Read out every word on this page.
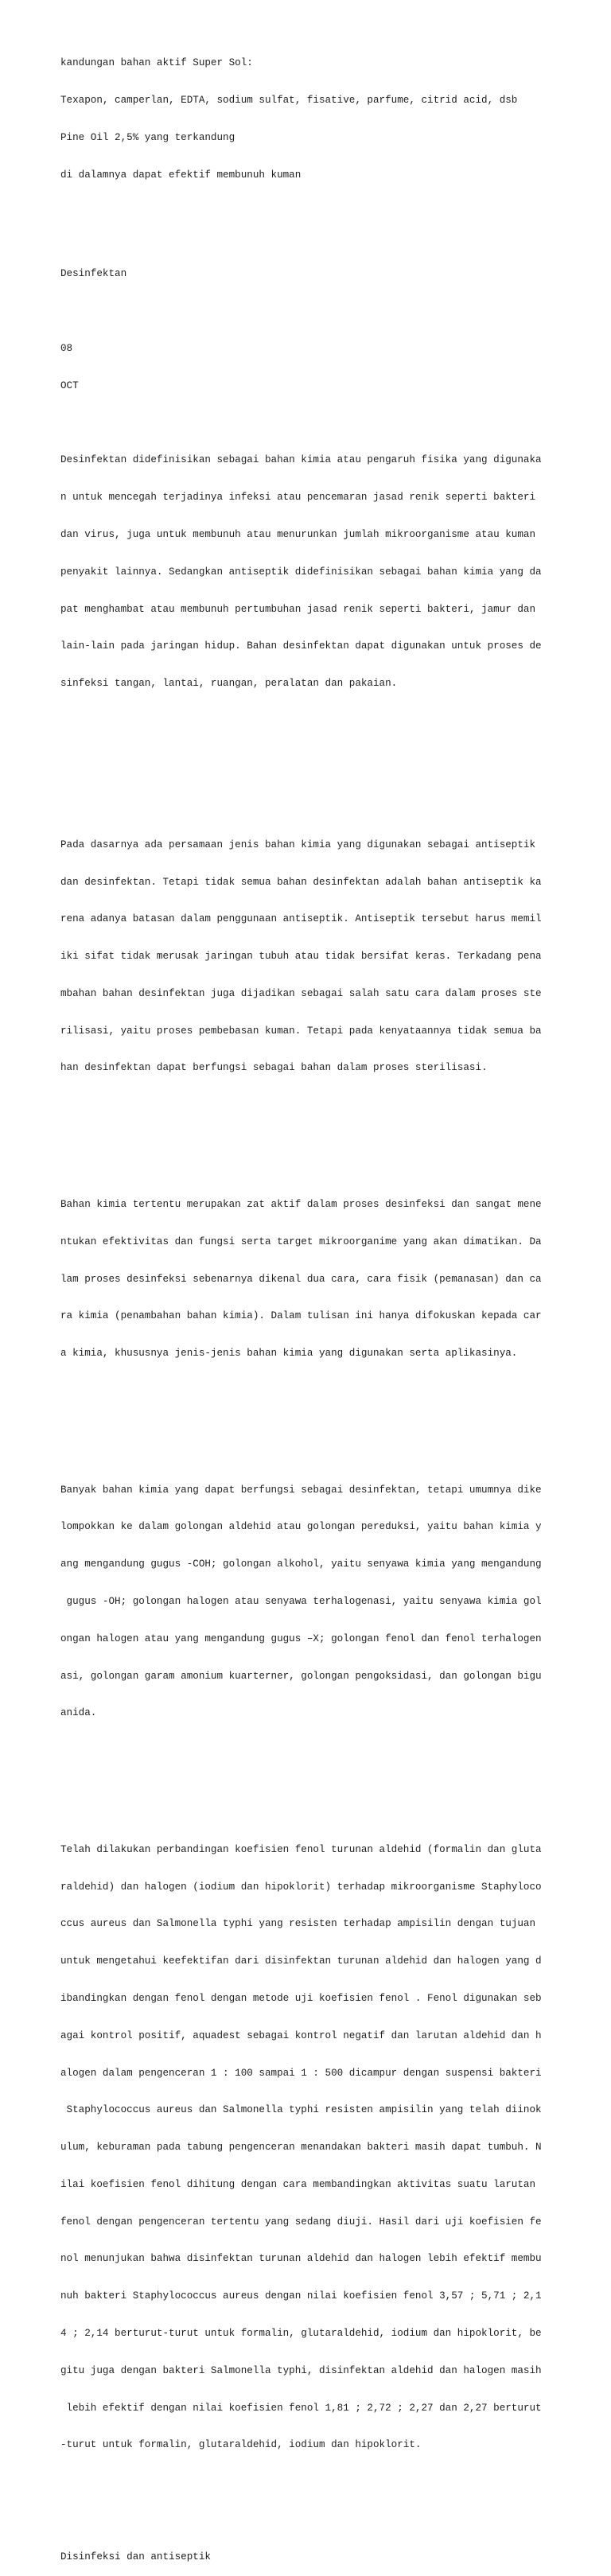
kandungan bahan aktif Super Sol:

Texapon, camperlan, EDTA, sodium sulfat, fisative, parfume, citrid acid, dsb

Pine Oil 2,5% yang terkandung

di dalamnya dapat efektif membunuh kuman

Desinfektan

08

OCT

Desinfektan didefinisikan sebagai bahan kimia atau pengaruh fisika yang digunaka

n untuk mencegah terjadinya infeksi atau pencemaran jasad renik seperti bakteri

dan virus, juga untuk membunuh atau menurunkan jumlah mikroorganisme atau kuman

penyakit lainnya. Sedangkan antiseptik didefinisikan sebagai bahan kimia yang da

pat menghambat atau membunuh pertumbuhan jasad renik seperti bakteri, jamur dan

lain-lain pada jaringan hidup. Bahan desinfektan dapat digunakan untuk proses de

sinfeksi tangan, lantai, ruangan, peralatan dan pakaian.

Pada dasarnya ada persamaan jenis bahan kimia yang digunakan sebagai antiseptik

dan desinfektan. Tetapi tidak semua bahan desinfektan adalah bahan antiseptik ka

rena adanya batasan dalam penggunaan antiseptik. Antiseptik tersebut harus memil

iki sifat tidak merusak jaringan tubuh atau tidak bersifat keras. Terkadang pena

mbahan bahan desinfektan juga dijadikan sebagai salah satu cara dalam proses ste

rilisasi, yaitu proses pembebasan kuman. Tetapi pada kenyataannya tidak semua ba

han desinfektan dapat berfungsi sebagai bahan dalam proses sterilisasi.

Bahan kimia tertentu merupakan zat aktif dalam proses desinfeksi dan sangat mene

ntukan efektivitas dan fungsi serta target mikroorganime yang akan dimatikan. Da

lam proses desinfeksi sebenarnya dikenal dua cara, cara fisik (pemanasan) dan ca

ra kimia (penambahan bahan kimia). Dalam tulisan ini hanya difokuskan kepada car

a kimia, khususnya jenis-jenis bahan kimia yang digunakan serta aplikasinya.

Banyak bahan kimia yang dapat berfungsi sebagai desinfektan, tetapi umumnya dike

lompokkan ke dalam golongan aldehid atau golongan pereduksi, yaitu bahan kimia y

ang mengandung gugus -COH; golongan alkohol, yaitu senyawa kimia yang mengandung

gugus -OH; golongan halogen atau senyawa terhalogenasi, yaitu senyawa kimia gol

ongan halogen atau yang mengandung gugus –X; golongan fenol dan fenol terhalogen

asi, golongan garam amonium kuarterner, golongan pengoksidasi, dan golongan bigu

anida.

Telah dilakukan perbandingan koefisien fenol turunan aldehid (formalin dan gluta

raldehid) dan halogen (iodium dan hipoklorit) terhadap mikroorganisme Staphyloco

ccus aureus dan Salmonella typhi yang resisten terhadap ampisilin dengan tujuan

untuk mengetahui keefektifan dari disinfektan turunan aldehid dan halogen yang d

ibandingkan dengan fenol dengan metode uji koefisien fenol . Fenol digunakan seb

agai kontrol positif, aquadest sebagai kontrol negatif dan larutan aldehid dan h

alogen dalam pengenceran 1 : 100 sampai 1 : 500 dicampur dengan suspensi bakteri

Staphylococcus aureus dan Salmonella typhi resisten ampisilin yang telah diinok

ulum, keburaman pada tabung pengenceran menandakan bakteri masih dapat tumbuh. N

ilai koefisien fenol dihitung dengan cara membandingkan aktivitas suatu larutan

fenol dengan pengenceran tertentu yang sedang diuji. Hasil dari uji koefisien fe

nol menunjukan bahwa disinfektan turunan aldehid dan halogen lebih efektif membu

nuh bakteri Staphylococcus aureus dengan nilai koefisien fenol 3,57 ; 5,71 ; 2,1

4 ; 2,14 berturut-turut untuk formalin, glutaraldehid, iodium dan hipoklorit, be

gitu juga dengan bakteri Salmonella typhi, disinfektan aldehid dan halogen masih

lebih efektif dengan nilai koefisien fenol 1,81 ; 2,72 ; 2,27 dan 2,27 berturut

-turut untuk formalin, glutaraldehid, iodium dan hipoklorit.

Disinfeksi dan antiseptik
